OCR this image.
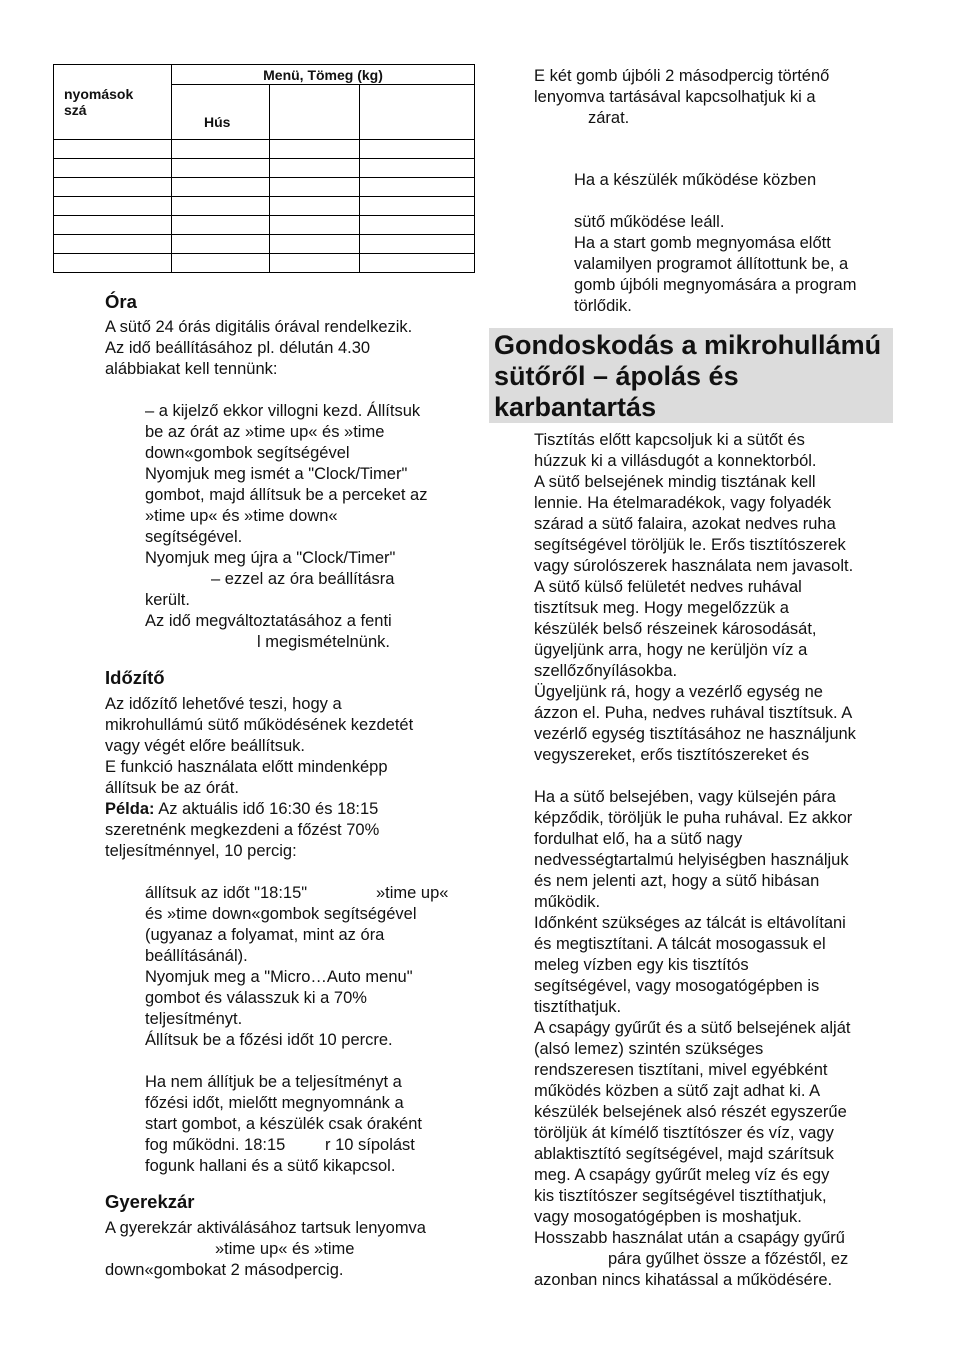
nyomások
szá	Menü, Tömeg (kg)		
	Hús		

Óra
A sütő 24 órás digitális órával rendelkezik.
Az idő beállításához pl. délután 4.30
alábbiakat kell tennünk:
– a kijelző ekkor villogni kezd. Állítsuk
be az órát az »time up« és »time
down«gombok segítségével
Nyomjuk meg ismét a "Clock/Timer"
gombot, majd állítsuk be a perceket az
»time up« és »time down«
segítségével.
Nyomjuk meg újra a "Clock/Timer"
– ezzel az óra beállításra
került.
Az idő megváltoztatásához a fenti
l megismételnünk.
Időzítő
Az időzítő lehetővé teszi, hogy a
mikrohullámú sütő működésének kezdetét
vagy végét előre beállítsuk.
E funkció használata előtt mindenképp
állítsuk be az órát.
Példa: Az aktuális idő 16:30 és 18:15
szeretnénk megkezdeni a főzést 70%
teljesítménnyel, 10 percig:
állítsuk az időt "18:15"	»time up«
és »time down«gombok segítségével
(ugyanaz a folyamat, mint az óra
beállításánál).
Nyomjuk meg a "Micro…Auto menu"
gombot és válasszuk ki a 70%
teljesítményt.
Állítsuk be a főzési időt 10 percre.
Ha nem állítjuk be a teljesítményt a
főzési időt, mielőtt megnyomnánk a
start gombot, a készülék csak óraként
fog működni. 18:15 r 10 sípolást
fogunk hallani és a sütő kikapcsol.
Gyerekzár
A gyerekzár aktiválásához tartsuk lenyomva
»time up« és »time
down«gombokat 2 másodpercig.
E két gomb újbóli 2 másodpercig történő
lenyomva tartásával kapcsolhatjuk ki a
zárat.
Ha a készülék működése közben
sütő működése leáll.
Ha a start gomb megnyomása előtt
valamilyen programot állítottunk be, a
gomb újbóli megnyomására a program
törlődik.
Gondoskodás a mikrohullámú
sütőről – ápolás és
karbantartás
Tisztítás előtt kapcsoljuk ki a sütőt és
húzzuk ki a villásdugót a konnektorból.
A sütő belsejének mindig tisztának kell
lennie. Ha ételmaradékok, vagy folyadék
szárad a sütő falaira, azokat nedves ruha
segítségével töröljük le. Erős tisztítószerek
vagy súrolószerek használata nem javasolt.
A sütő külső felületét nedves ruhával
tisztítsuk meg. Hogy megelőzzük a
készülék belső részeinek károsodását,
ügyeljünk arra, hogy ne kerüljön víz a
szellőzőnyílásokba.
Ügyeljünk rá, hogy a vezérlő egység ne
ázzon el. Puha, nedves ruhával tisztítsuk. A
vezérlő egység tisztításához ne használjunk
vegyszereket, erős tisztítószereket és
Ha a sütő belsejében, vagy külsején pára
képződik, töröljük le puha ruhával. Ez akkor
fordulhat elő, ha a sütő nagy
nedvességtartalmú helyiségben használjuk
és nem jelenti azt, hogy a sütő hibásan
működik.
Időnként szükséges az tálcát is eltávolítani
és megtisztítani. A tálcát mosogassuk el
meleg vízben egy kis tisztítós
segítségével, vagy mosogatógépben is
tisztíthatjuk.
A csapágy gyűrűt és a sütő belsejének alját
(alsó lemez) szintén szükséges
rendszeresen tisztítani, mivel egyébként
működés közben a sütő zajt adhat ki. A
készülék belsejének alsó részét egyszerűe
töröljük át kímélő tisztítószer és víz, vagy
ablaktisztító segítségével, majd szárítsuk
meg. A csapágy gyűrűt meleg víz és egy
kis tisztítószer segítségével tisztíthatjuk,
vagy mosogatógépben is moshatjuk.
Hosszabb használat után a csapágy gyűrű
pára gyűlhet össze a főzéstől, ez
azonban nincs kihatással a működésére.
